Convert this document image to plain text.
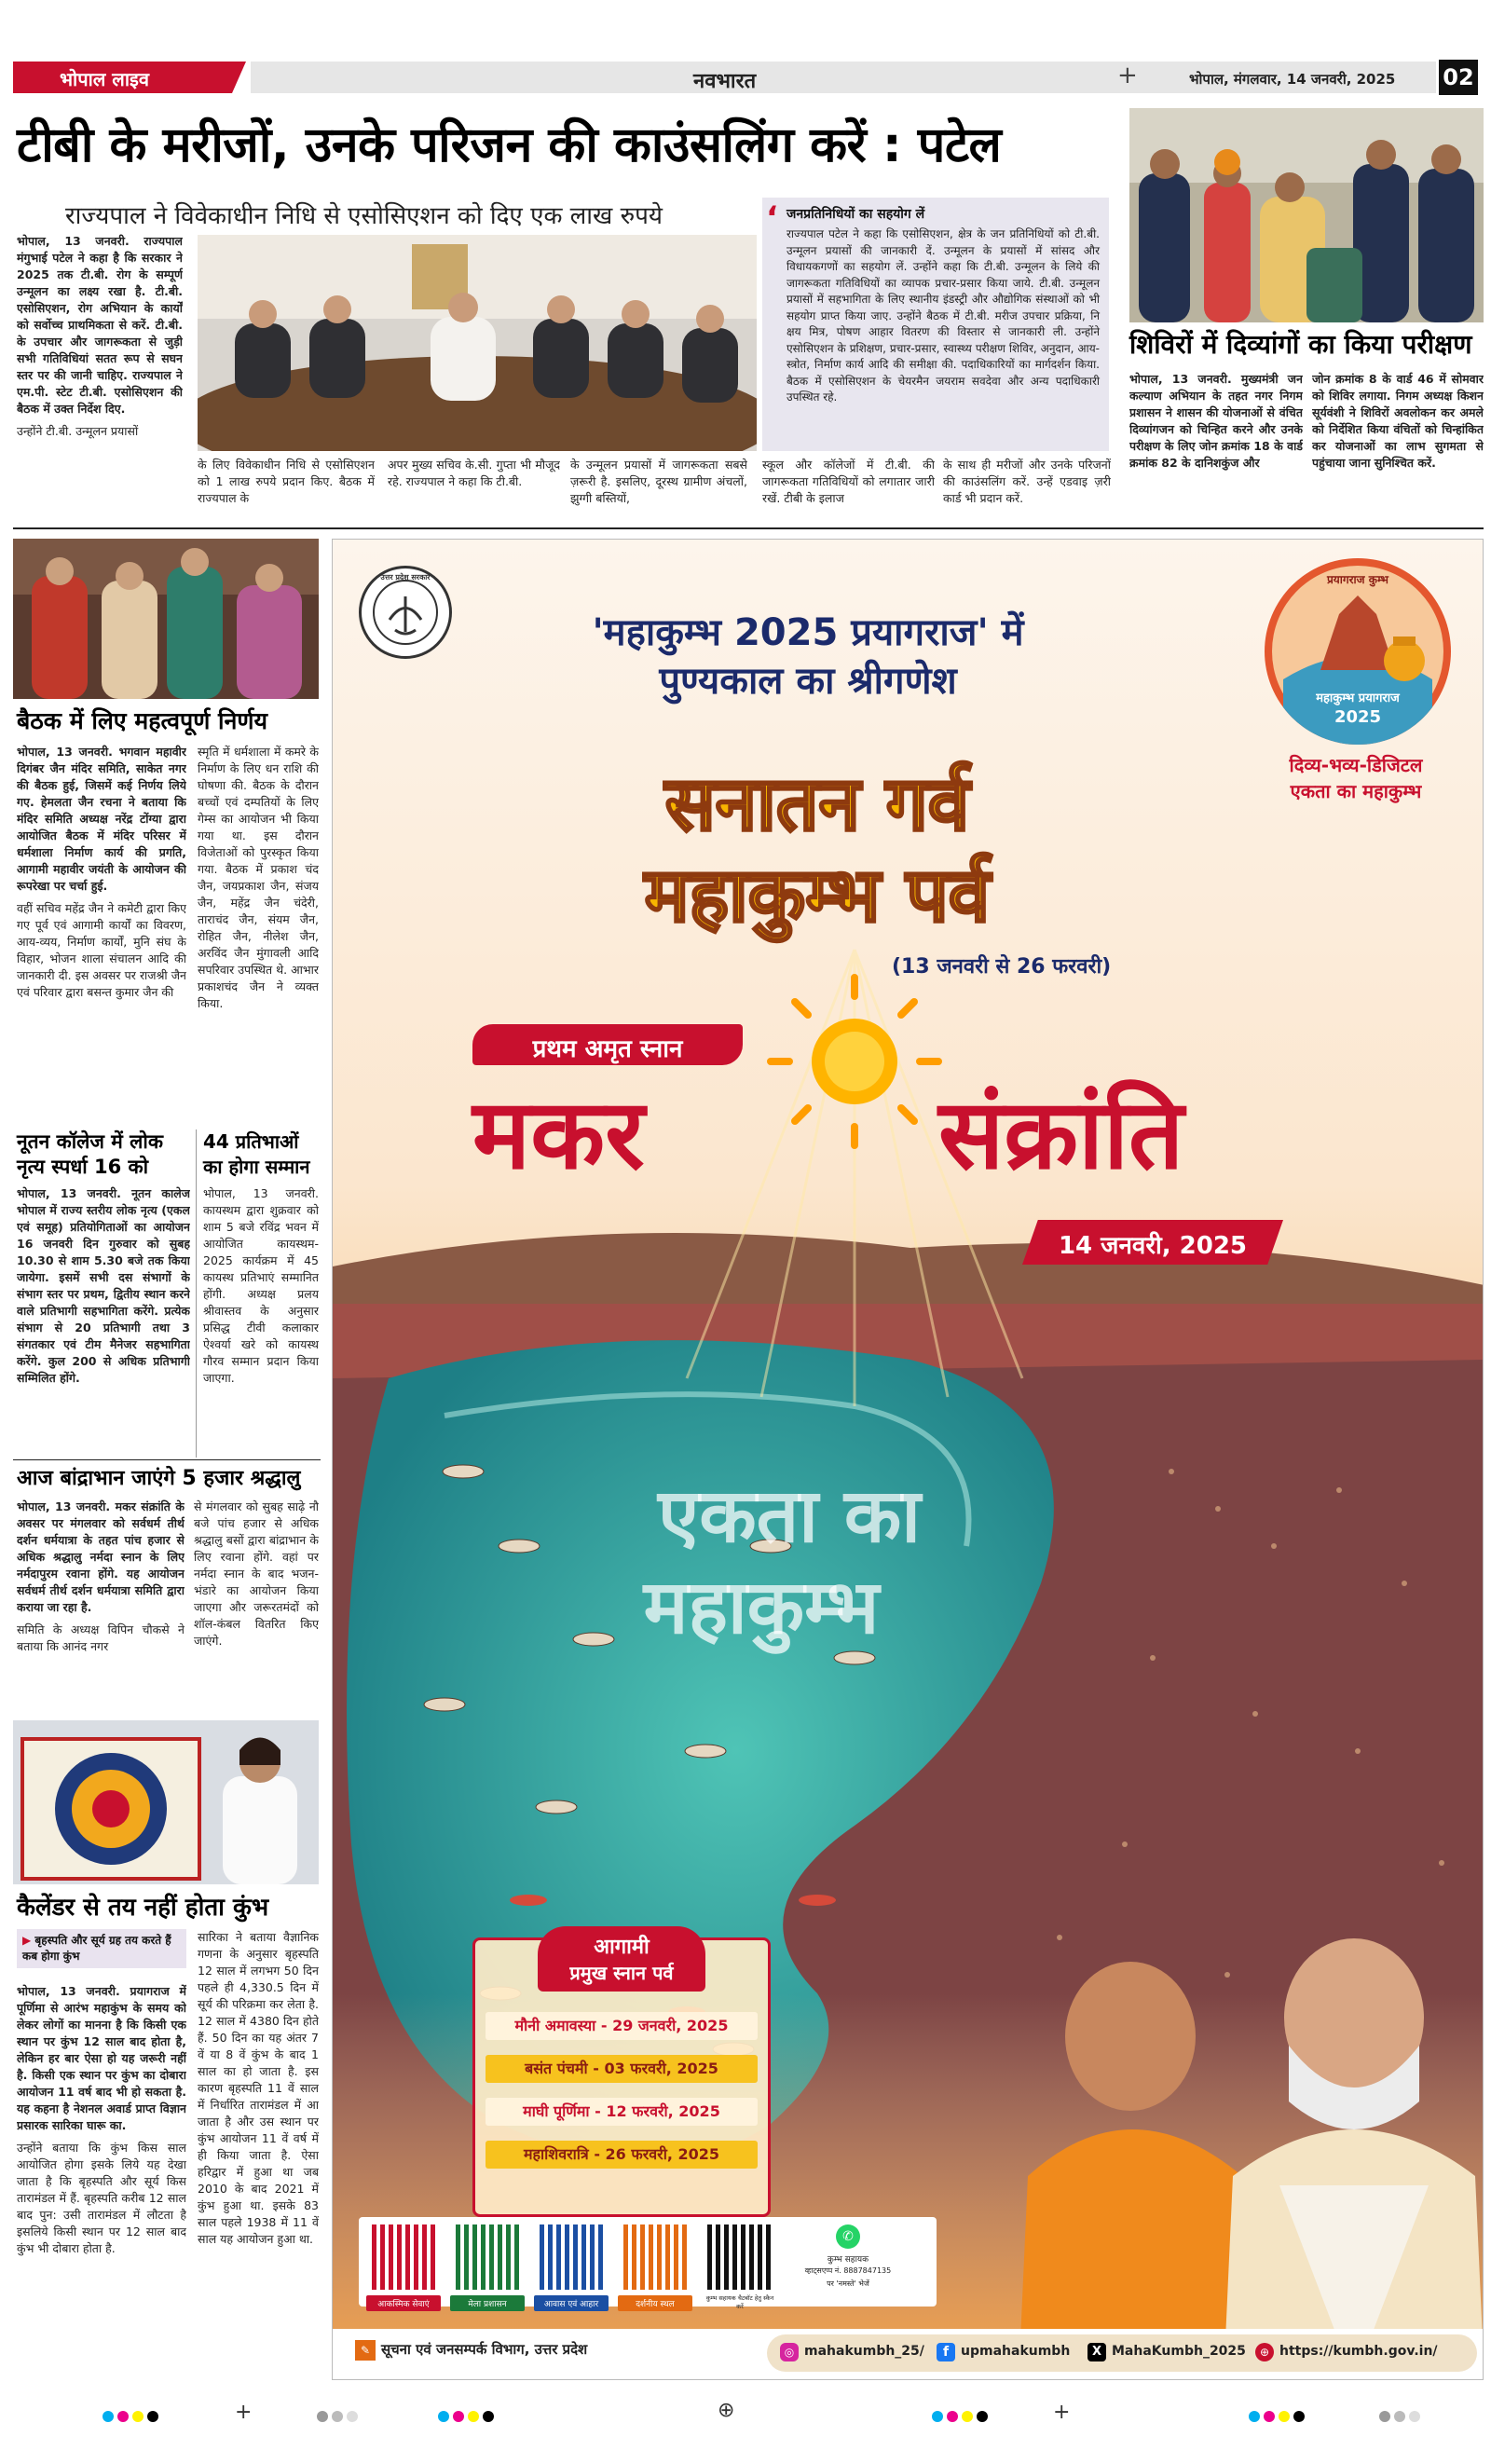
भोपाल लाइव	नवभारत	+	भोपाल, मंगलवार, 14 जनवरी, 2025 02
टीबी के मरीजों, उनके परिजन की काउंसलिंग करें : पटेल
राज्यपाल ने विवेकाधीन निधि से एसोसिएशन को दिए एक लाख रुपये

भोपाल, 13 जनवरी. राज्यपाल मंगुभाई पटेल ने कहा है कि सरकार ने 2025 तक टी.बी. रोग के सम्पूर्ण उन्मूलन का लक्ष्य रखा है. टी.बी. एसोसिएशन, रोग अभियान के कार्यों को सर्वोच्च प्राथमिकता से करें. टी.बी. के उपचार और जागरूकता से जुड़ी सभी गतिविधियां सतत रूप से सघन स्तर पर की जानी चाहिए. राज्यपाल ने एम.पी. स्टेट टी.बी. एसोसिएशन की बैठक में उक्त निर्देश दिए.

उन्होंने टी.बी. उन्मूलन प्रयासों

के लिए विवेकाधीन निधि से एसोसिएशन को 1 लाख रुपये प्रदान किए. बैठक में राज्यपाल के
अपर मुख्य सचिव के.सी. गुप्ता भी मौजूद रहे. राज्यपाल ने कहा कि टी.बी.
के उन्मूलन प्रयासों में जागरूकता सबसे ज़रूरी है. इसलिए, दूरस्थ ग्रामीण अंचलों, झुग्गी बस्तियों,
‘ जनप्रतिनिधियों का सहयोग लें
राज्यपाल पटेल ने कहा कि एसोसिएशन, क्षेत्र के जन प्रतिनिधियों को टी.बी. उन्मूलन प्रयासों की जानकारी दें. उन्मूलन के प्रयासों में सांसद और विधायकगणों का सहयोग लें. उन्होंने कहा कि टी.बी. उन्मूलन के लिये की जागरूकता गतिविधियों का व्यापक प्रचार-प्रसार किया जाये. टी.बी. उन्मूलन प्रयासों में सहभागिता के लिए स्थानीय इंडस्ट्री और औद्योगिक संस्थाओं को भी सहयोग प्राप्त किया जाए. उन्होंने बैठक में टी.बी. मरीज उपचार प्रक्रिया, नि क्षय मित्र, पोषण आहार वितरण की विस्तार से जानकारी ली. उन्होंने एसोसिएशन के प्रशिक्षण, प्रचार-प्रसार, स्वास्थ्य परीक्षण शिविर, अनुदान, आय-स्त्रोत, निर्माण कार्य आदि की समीक्षा की. पदाधिकारियों का मार्गदर्शन किया. बैठक में एसोसिएशन के चेयरमैन जयराम सवदेवा और अन्य पदाधिकारी उपस्थित रहे.
स्कूल और कॉलेजों में टी.बी. की जागरूकता गतिविधियों को लगातार जारी रखें. टीबी के इलाज
के साथ ही मरीजों और उनके परिजनों की काउंसलिंग करें. उन्हें एडवाइ ज़री कार्ड भी प्रदान करें.
शिविरों में दिव्यांगों का किया परीक्षण
भोपाल, 13 जनवरी. मुख्यमंत्री जन कल्याण अभियान के तहत नगर निगम प्रशासन ने शासन की योजनाओं से वंचित दिव्यांगजन को चिन्हित करने और उनके परीक्षण के लिए जोन क्रमांक 18 के वार्ड क्रमांक 82 के दानिशकुंज और
जोन क्रमांक 8 के वार्ड 46 में सोमवार को शिविर लगाया. निगम अध्यक्ष किशन सूर्यवंशी ने शिविरों अवलोकन कर अमले को निर्देशित किया वंचितों को चिन्हांकित कर योजनाओं का लाभ सुगमता से पहुंचाया जाना सुनिश्चित करें.
बैठक में लिए महत्वपूर्ण निर्णय

भोपाल, 13 जनवरी. भगवान महावीर दिगंबर जैन मंदिर समिति, साकेत नगर की बैठक हुई, जिसमें कई निर्णय लिये गए. हेमलता जैन रचना ने बताया कि मंदिर समिति अध्यक्ष नरेंद्र टोंग्या द्वारा आयोजित बैठक में मंदिर परिसर में धर्मशाला निर्माण कार्य की प्रगति, आगामी महावीर जयंती के आयोजन की रूपरेखा पर चर्चा हुई.

वहीं सचिव महेंद्र जैन ने कमेटी द्वारा किए गए पूर्व एवं आगामी कार्यों का विवरण, आय-व्यय, निर्माण कार्यों, मुनि संघ के विहार, भोजन शाला संचालन आदि की जानकारी दी. इस अवसर पर राजश्री जैन एवं परिवार द्वारा बसन्त कुमार जैन की

स्मृति में धर्मशाला में कमरे के निर्माण के लिए धन राशि की घोषणा की. बैठक के दौरान बच्चों एवं दम्पतियों के लिए गेम्स का आयोजन भी किया गया था. इस दौरान विजेताओं को पुरस्कृत किया गया. बैठक में प्रकाश चंद जैन, जयप्रकाश जैन, संजय जैन, महेंद्र जैन चंदेरी, ताराचंद जैन, संयम जैन, रोहित जैन, नीलेश जैन, अरविंद जैन मुंगावली आदि सपरिवार उपस्थित थे. आभार प्रकाशचंद जैन ने व्यक्त किया.
नूतन कॉलेज में लोक नृत्य स्पर्धा 16 को
भोपाल, 13 जनवरी. नूतन कालेज भोपाल में राज्य स्तरीय लोक नृत्य (एकल एवं समूह) प्रतियोगिताओं का आयोजन 16 जनवरी दिन गुरुवार को सुबह 10.30 से शाम 5.30 बजे तक किया जायेगा. इसमें सभी दस संभागों के संभाग स्तर पर प्रथम, द्वितीय स्थान करने वाले प्रतिभागी सहभागिता करेंगे. प्रत्येक संभाग से 20 प्रतिभागी तथा 3 संगतकार एवं टीम मैनेजर सहभागिता करेंगे. कुल 200 से अधिक प्रतिभागी सम्मिलित होंगे.
44 प्रतिभाओं का होगा सम्मान
भोपाल, 13 जनवरी. कायस्थम द्वारा शुक्रवार को शाम 5 बजे रविंद्र भवन में आयोजित कायस्थम- 2025 कार्यक्रम में 45 कायस्थ प्रतिभाएं सम्मानित होंगी. अध्यक्ष प्रलय श्रीवास्तव के अनुसार प्रसिद्ध टीवी कलाकार ऐश्वर्या खरे को कायस्थ गौरव सम्मान प्रदान किया जाएगा.
आज बांद्राभान जाएंगे 5 हजार श्रद्धालु

भोपाल, 13 जनवरी. मकर संक्रांति के अवसर पर मंगलवार को सर्वधर्म तीर्थ दर्शन धर्मयात्रा के तहत पांच हजार से अधिक श्रद्धालु नर्मदा स्नान के लिए नर्मदापुरम रवाना होंगे. यह आयोजन सर्वधर्म तीर्थ दर्शन धर्मयात्रा समिति द्वारा कराया जा रहा है.

समिति के अध्यक्ष विपिन चौकसे ने बताया कि आनंद नगर

से मंगलवार को सुबह साढ़े नौ बजे पांच हजार से अधिक श्रद्धालु बसों द्वारा बांद्राभान के लिए रवाना होंगे. वहां पर नर्मदा स्नान के बाद भजन-भंडारे का आयोजन किया जाएगा और जरूरतमंदों को शॉल-कंबल वितरित किए जाएंगे.
कैलेंडर से तय नहीं होता कुंभ
▶ बृहस्पति और सूर्य ग्रह तय करते हैं कब होगा कुंभ

भोपाल, 13 जनवरी. प्रयागराज में पूर्णिमा से आरंभ महाकुंभ के समय को लेकर लोगों का मानना है कि किसी एक स्थान पर कुंभ 12 साल बाद होता है, लेकिन हर बार ऐसा हो यह जरूरी नहीं है. किसी एक स्थान पर कुंभ का दोबारा आयोजन 11 वर्ष बाद भी हो सकता है. यह कहना है नेशनल अवार्ड प्राप्त विज्ञान प्रसारक सारिका घारू का.

उन्होंने बताया कि कुंभ किस साल आयोजित होगा इसके लिये यह देखा जाता है कि बृहस्पति और सूर्य किस तारामंडल में हैं. बृहस्पति करीब 12 साल बाद पुन: उसी तारामंडल में लौटता है इसलिये किसी स्थान पर 12 साल बाद कुंभ भी दोबारा होता है.

सारिका ने बताया वैज्ञानिक गणना के अनुसार बृहस्पति 12 साल में लगभग 50 दिन पहले ही 4,330.5 दिन में सूर्य की परिक्रमा कर लेता है. 12 साल में 4380 दिन होते हैं. 50 दिन का यह अंतर 7 वें या 8 वें कुंभ के बाद 1 साल का हो जाता है. इस कारण बृहस्पति 11 वें साल में निर्धारित तारामंडल में आ जाता है और उस स्थान पर कुंभ आयोजन 11 वें वर्ष में ही किया जाता है. ऐसा हरिद्वार में हुआ था जब 2010 के बाद 2021 में कुंभ हुआ था. इसके 83 साल पहले 1938 में 11 वें साल यह आयोजन हुआ था.
उत्तर प्रदेश सरकार
'महाकुम्भ 2025 प्रयागराज' में
पुण्यकाल का श्रीगणेश
प्रयागराज कुम्भ
महाकुम्भ प्रयागराज
2025
दिव्य-भव्य-डिजिटल
एकता का महाकुम्भ
सनातन गर्व
महाकुम्भ पर्व
(13 जनवरी से 26 फरवरी)
प्रथम अमृत स्नान
मकर	संक्रांति
14 जनवरी, 2025
एकता का
महाकुम्भ
आगामी
प्रमुख स्नान पर्व
मौनी अमावस्या - 29 जनवरी, 2025
बसंत पंचमी - 03 फरवरी, 2025
माघी पूर्णिमा - 12 फरवरी, 2025
महाशिवरात्रि - 26 फरवरी, 2025
आकस्मिक सेवाएं	मेला प्रशासन	आवास एवं आहार	दर्शनीय स्थल
कुम्भ सहायक चैटबॉट हेतु स्कैन करें
✆
कुम्भ सहायक
व्हाट्सएप्प नं. 8887847135
पर 'नमस्ते' भेजें
✎ सूचना एवं जनसम्पर्क विभाग, उत्तर प्रदेश	◎ mahakumbh_25/	f upmahakumbh	X MahaKumbh_2025	⊕ https://kumbh.gov.in/
+	⊕	+
